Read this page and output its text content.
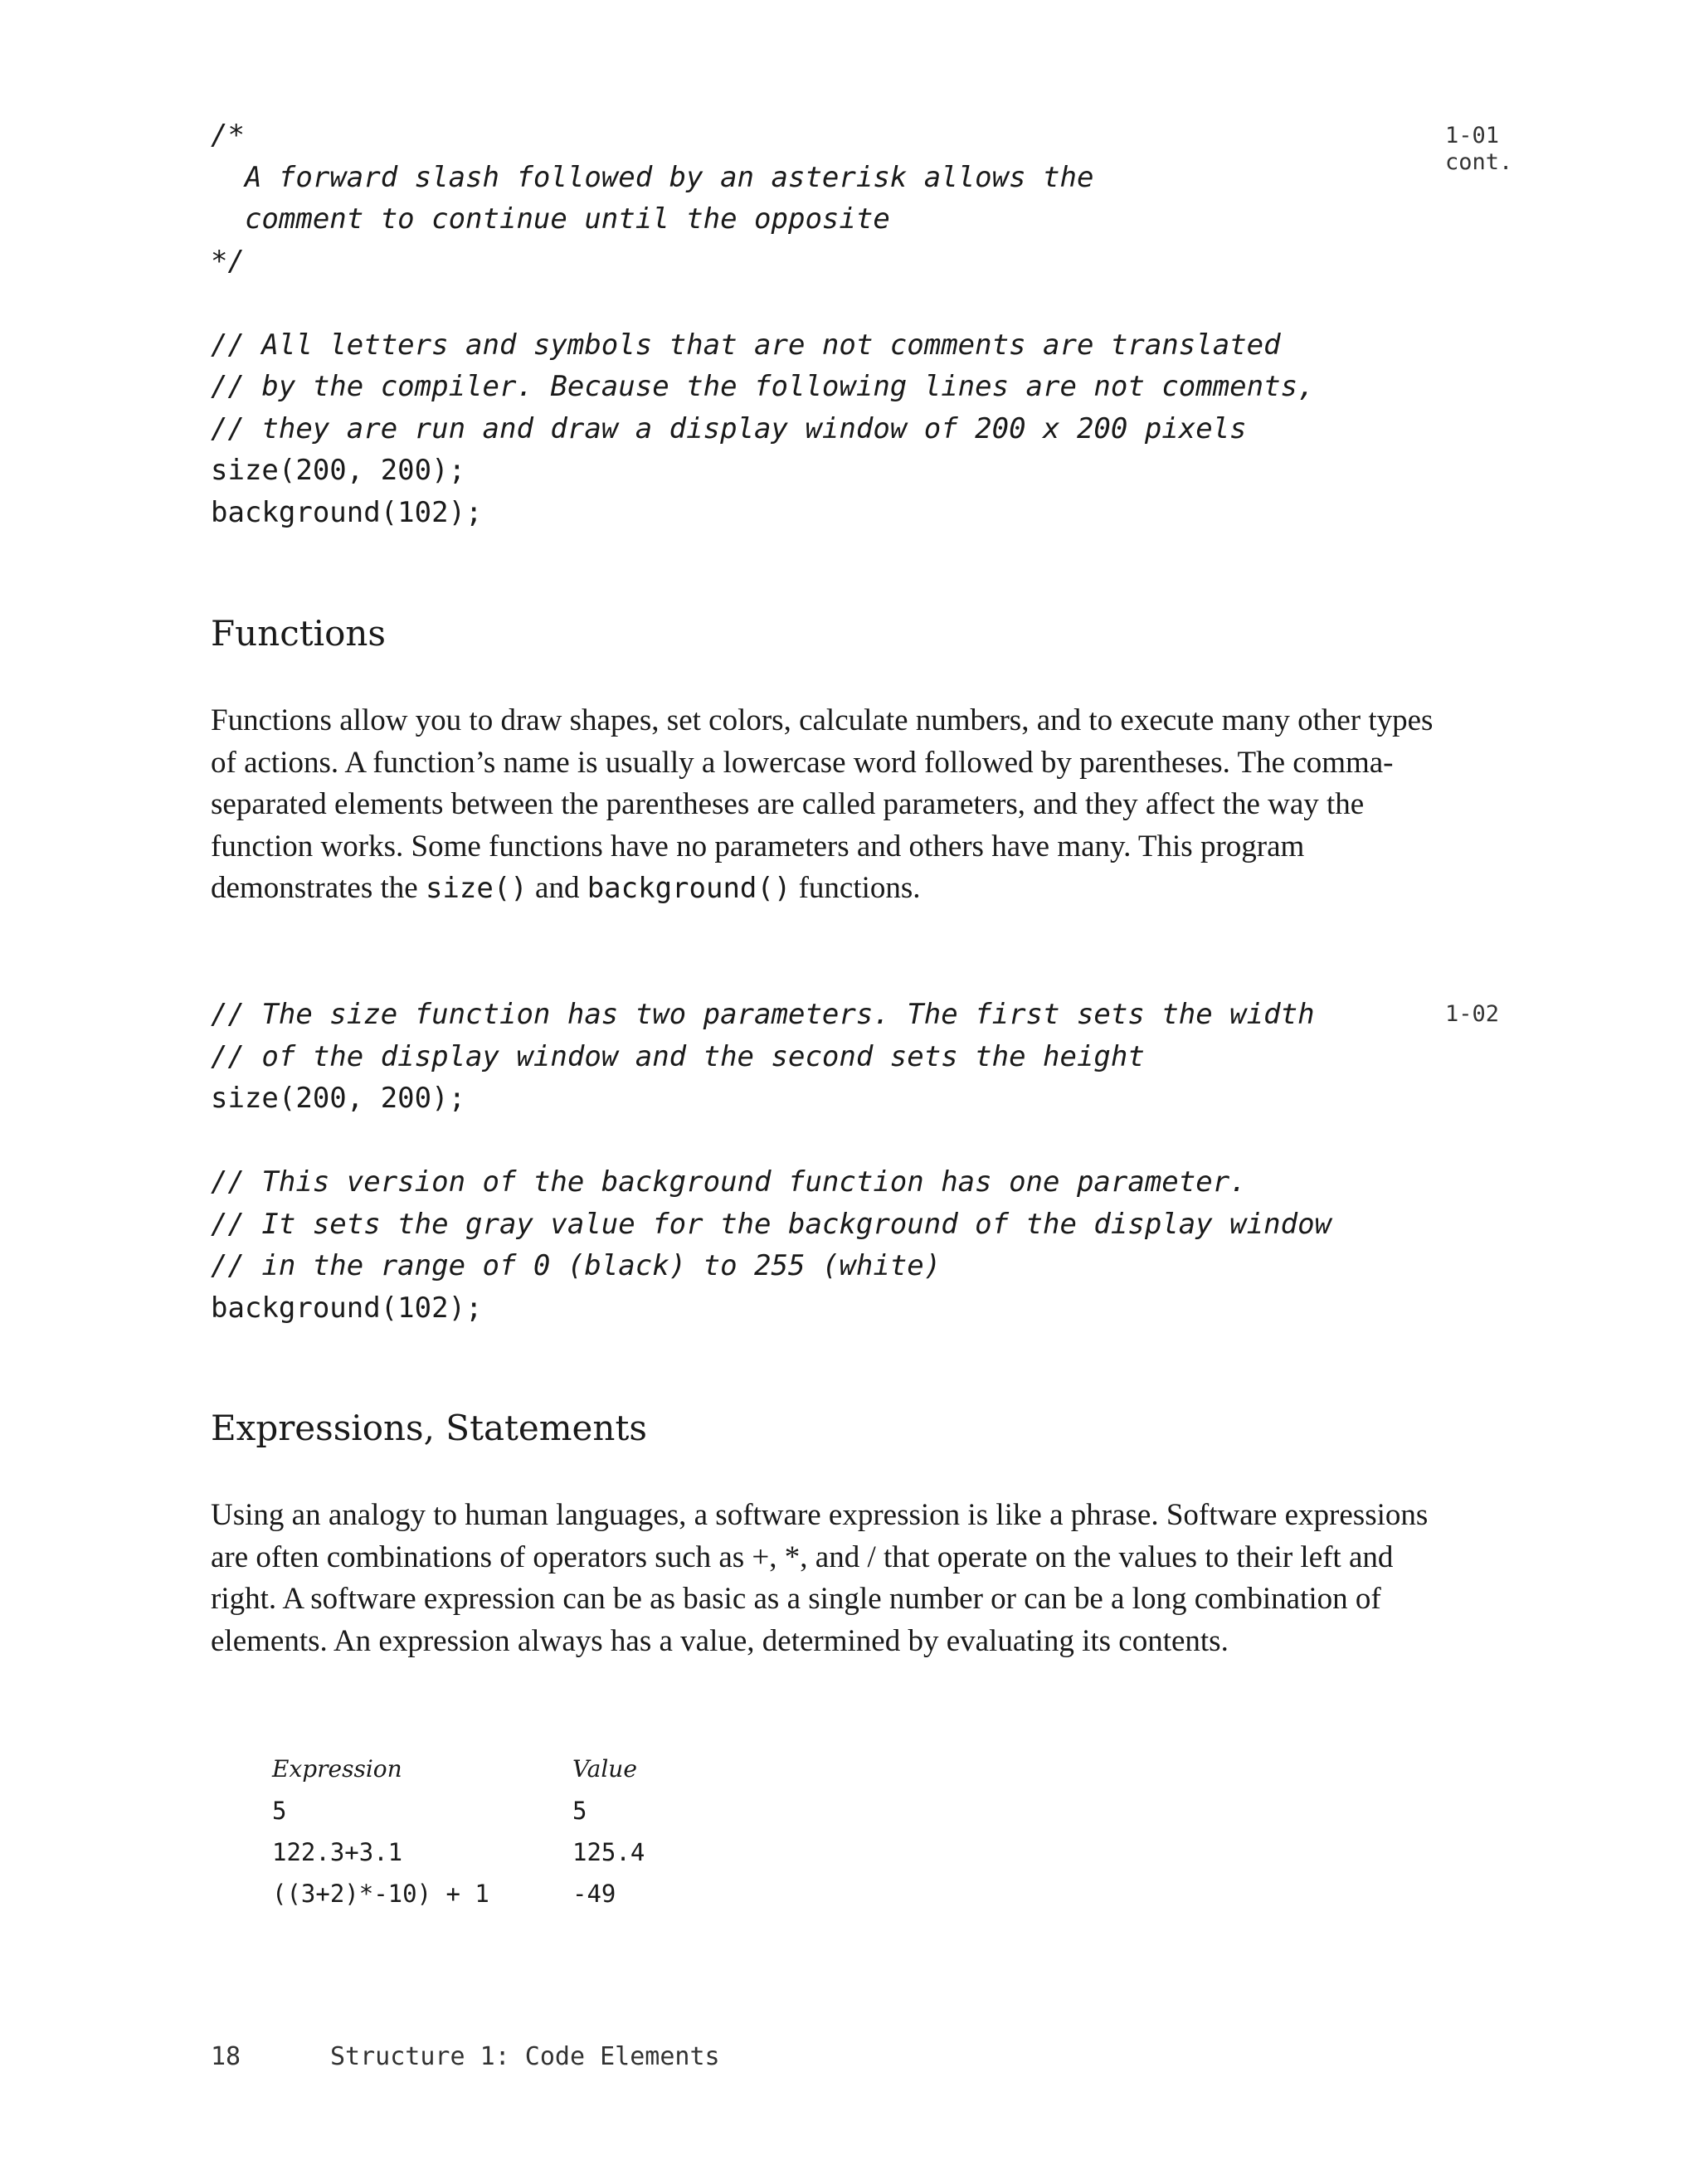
/*
A forward slash followed by an asterisk allows the
comment to continue until the opposite
*/
// All letters and symbols that are not comments are translated
// by the compiler. Because the following lines are not comments,
// they are run and draw a display window of 200 x 200 pixels
size(200, 200);
background(102);
1-01
cont.
Functions

Functions allow you to draw shapes, set colors, calculate numbers, and to execute many other types of actions. A function’s name is usually a lowercase word followed by parentheses. The comma-separated elements between the parentheses are called parameters, and they affect the way the function works. Some functions have no parameters and others have many. This program demonstrates the size() and background() functions.

// The size function has two parameters. The first sets the width
// of the display window and the second sets the height
size(200, 200);
// This version of the background function has one parameter.
// It sets the gray value for the background of the display window
// in the range of 0 (black) to 255 (white)
background(102);
1-02
Expressions, Statements

Using an analogy to human languages, a software expression is like a phrase. Software expressions are often combinations of operators such as +, *, and / that operate on the values to their left and right. A software expression can be as basic as a single number or can be a long combination of elements. An expression always has a value, determined by evaluating its contents.

Expression	Value
5	5
122.3+3.1	125.4
((3+2)*-10) + 1	-49
18	Structure 1: Code Elements
